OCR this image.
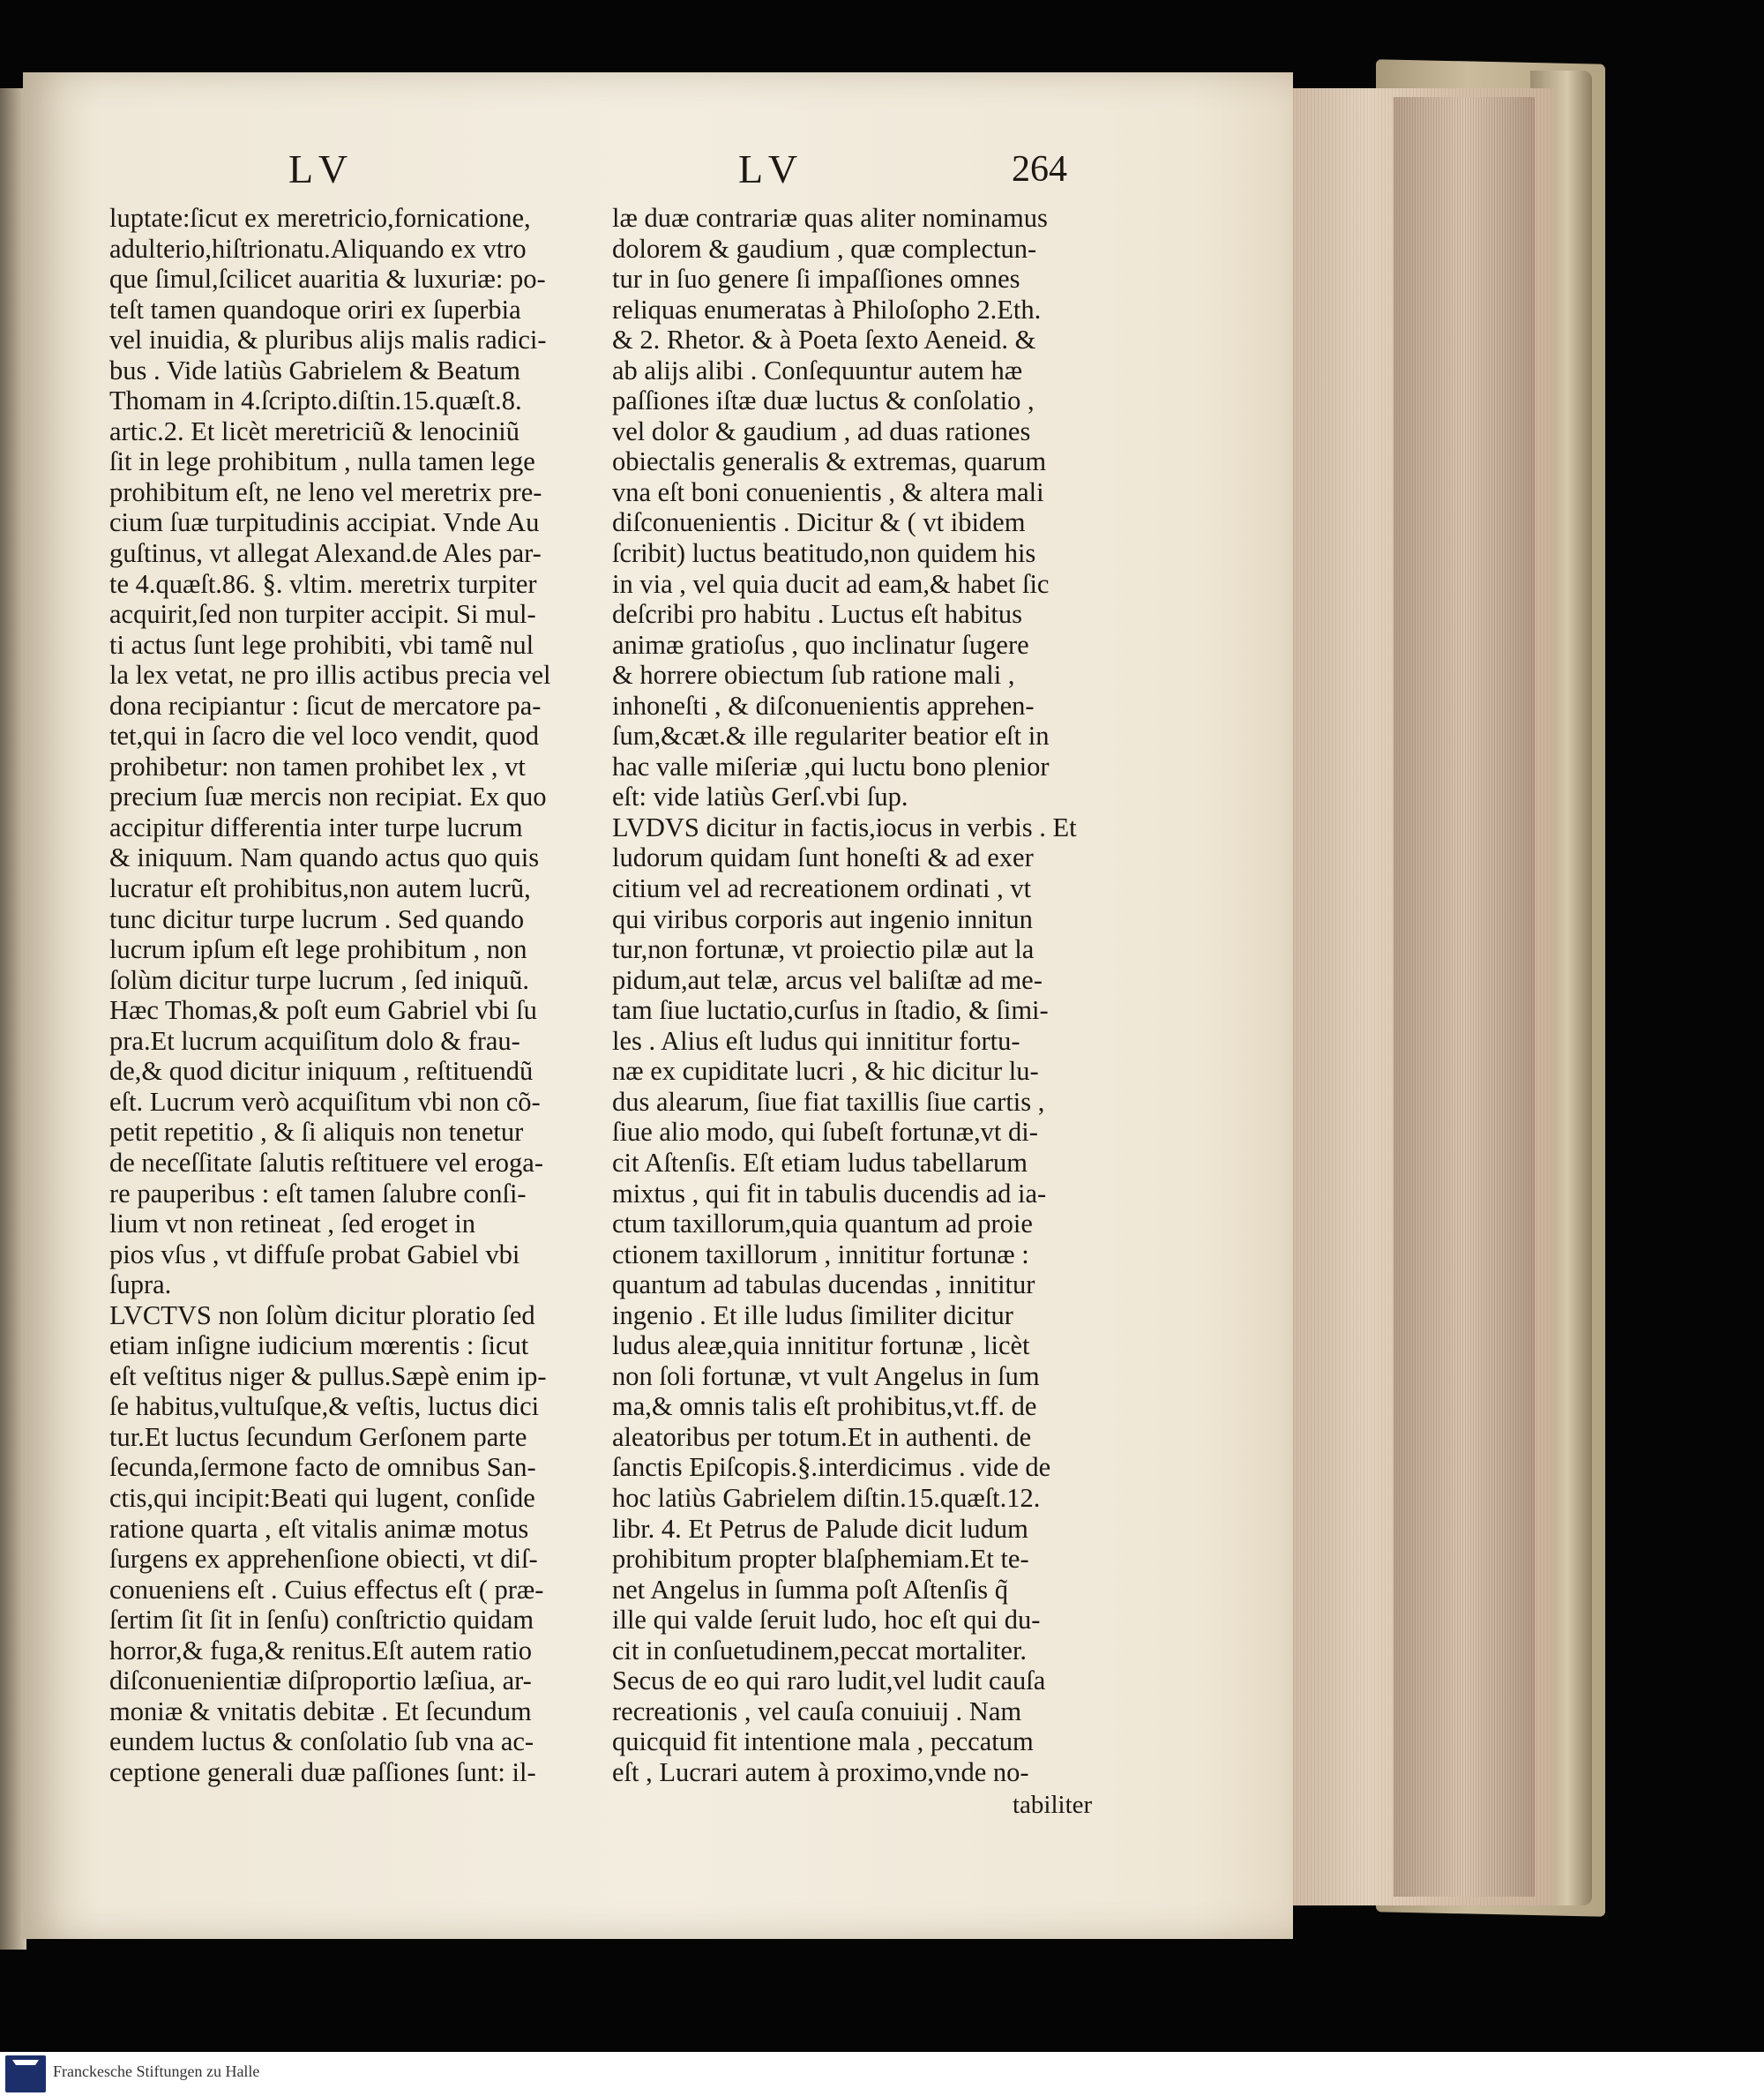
LV	LV	264
luptate:ſicut ex meretricio,fornicatione,
adulterio,hiſtrionatu.Aliquando ex vtro
que ſimul,ſcilicet auaritia & luxuriæ: po-
teſt tamen quandoque oriri ex ſuperbia
vel inuidia, & pluribus alijs malis radici-
bus . Vide latiùs Gabrielem & Beatum
Thomam in 4.ſcripto.diſtin.15.quæſt.8.
artic.2. Et licèt meretriciũ & lenociniũ
ſit in lege prohibitum , nulla tamen lege
prohibitum eſt, ne leno vel meretrix pre-
cium ſuæ turpitudinis accipiat. Vnde Au
guſtinus, vt allegat Alexand.de Ales par-
te 4.quæſt.86. §. vltim. meretrix turpiter
acquirit,ſed non turpiter accipit. Si mul-
ti actus ſunt lege prohibiti, vbi tamẽ nul
la lex vetat, ne pro illis actibus precia vel
dona recipiantur : ſicut de mercatore pa-
tet,qui in ſacro die vel loco vendit, quod
prohibetur: non tamen prohibet lex , vt
precium ſuæ mercis non recipiat. Ex quo
accipitur differentia inter turpe lucrum
& iniquum. Nam quando actus quo quis
lucratur eſt prohibitus,non autem lucrũ,
tunc dicitur turpe lucrum . Sed quando
lucrum ipſum eſt lege prohibitum , non
ſolùm dicitur turpe lucrum , ſed iniquũ.
Hæc Thomas,& poſt eum Gabriel vbi ſu
pra.Et lucrum acquiſitum dolo & frau-
de,& quod dicitur iniquum , reſtituendũ
eſt. Lucrum verò acquiſitum vbi non cõ-
petit repetitio , & ſi aliquis non tenetur
de neceſſitate ſalutis reſtituere vel eroga-
re pauperibus : eſt tamen ſalubre conſi-
lium vt non retineat , ſed eroget in
pios vſus , vt diffuſe probat Gabiel vbi
ſupra.
LVCTVS non ſolùm dicitur ploratio ſed
etiam inſigne iudicium mœrentis : ſicut
eſt veſtitus niger & pullus.Sæpè enim ip-
ſe habitus,vultuſque,& veſtis, luctus dici
tur.Et luctus ſecundum Gerſonem parte
ſecunda,ſermone facto de omnibus San-
ctis,qui incipit:Beati qui lugent, conſide
ratione quarta , eſt vitalis animæ motus
ſurgens ex apprehenſione obiecti, vt diſ-
conueniens eſt . Cuius effectus eſt ( præ-
ſertim ſit ſit in ſenſu) conſtrictio quidam
horror,& fuga,& renitus.Eſt autem ratio
diſconuenientiæ diſproportio læſiua, ar-
moniæ & vnitatis debitæ . Et ſecundum
eundem luctus & conſolatio ſub vna ac-
ceptione generali duæ paſſiones ſunt: il-
læ duæ contrariæ quas aliter nominamus
dolorem & gaudium , quæ complectun-
tur in ſuo genere ſi impaſſiones omnes
reliquas enumeratas à Philoſopho 2.Eth.
& 2. Rhetor. & à Poeta ſexto Aeneid. &
ab alijs alibi . Conſequuntur autem hæ
paſſiones iſtæ duæ luctus & conſolatio ,
vel dolor & gaudium , ad duas rationes
obiectalis generalis & extremas, quarum
vna eſt boni conuenientis , & altera mali
diſconuenientis . Dicitur & ( vt ibidem
ſcribit) luctus beatitudo,non quidem his
in via , vel quia ducit ad eam,& habet ſic
deſcribi pro habitu . Luctus eſt habitus
animæ gratioſus , quo inclinatur ſugere
& horrere obiectum ſub ratione mali ,
inhoneſti , & diſconuenientis apprehen-
ſum,&cæt.& ille regulariter beatior eſt in
hac valle miſeriæ ,qui luctu bono plenior
eſt: vide latiùs Gerſ.vbi ſup.
LVDVS dicitur in factis,iocus in verbis . Et
ludorum quidam ſunt honeſti & ad exer
citium vel ad recreationem ordinati , vt
qui viribus corporis aut ingenio innitun
tur,non fortunæ, vt proiectio pilæ aut la
pidum,aut telæ, arcus vel baliſtæ ad me-
tam ſiue luctatio,curſus in ſtadio, & ſimi-
les . Alius eſt ludus qui innititur fortu-
næ ex cupiditate lucri , & hic dicitur lu-
dus alearum, ſiue fiat taxillis ſiue cartis ,
ſiue alio modo, qui ſubeſt fortunæ,vt di-
cit Aſtenſis. Eſt etiam ludus tabellarum
mixtus , qui fit in tabulis ducendis ad ia-
ctum taxillorum,quia quantum ad proie
ctionem taxillorum , innititur fortunæ :
quantum ad tabulas ducendas , innititur
ingenio . Et ille ludus ſimiliter dicitur
ludus aleæ,quia innititur fortunæ , licèt
non ſoli fortunæ, vt vult Angelus in ſum
ma,& omnis talis eſt prohibitus,vt.ff. de
aleatoribus per totum.Et in authenti. de
ſanctis Epiſcopis.§.interdicimus . vide de
hoc latiùs Gabrielem diſtin.15.quæſt.12.
libr. 4. Et Petrus de Palude dicit ludum
prohibitum propter blaſphemiam.Et te-
net Angelus in ſumma poſt Aſtenſis q̃
ille qui valde ſeruit ludo, hoc eſt qui du-
cit in conſuetudinem,peccat mortaliter.
Secus de eo qui raro ludit,vel ludit cauſa
recreationis , vel cauſa conuiuij . Nam
quicquid fit intentione mala , peccatum
eſt , Lucrari autem à proximo,vnde no-
tabiliter
Franckesche Stiftungen zu Halle
